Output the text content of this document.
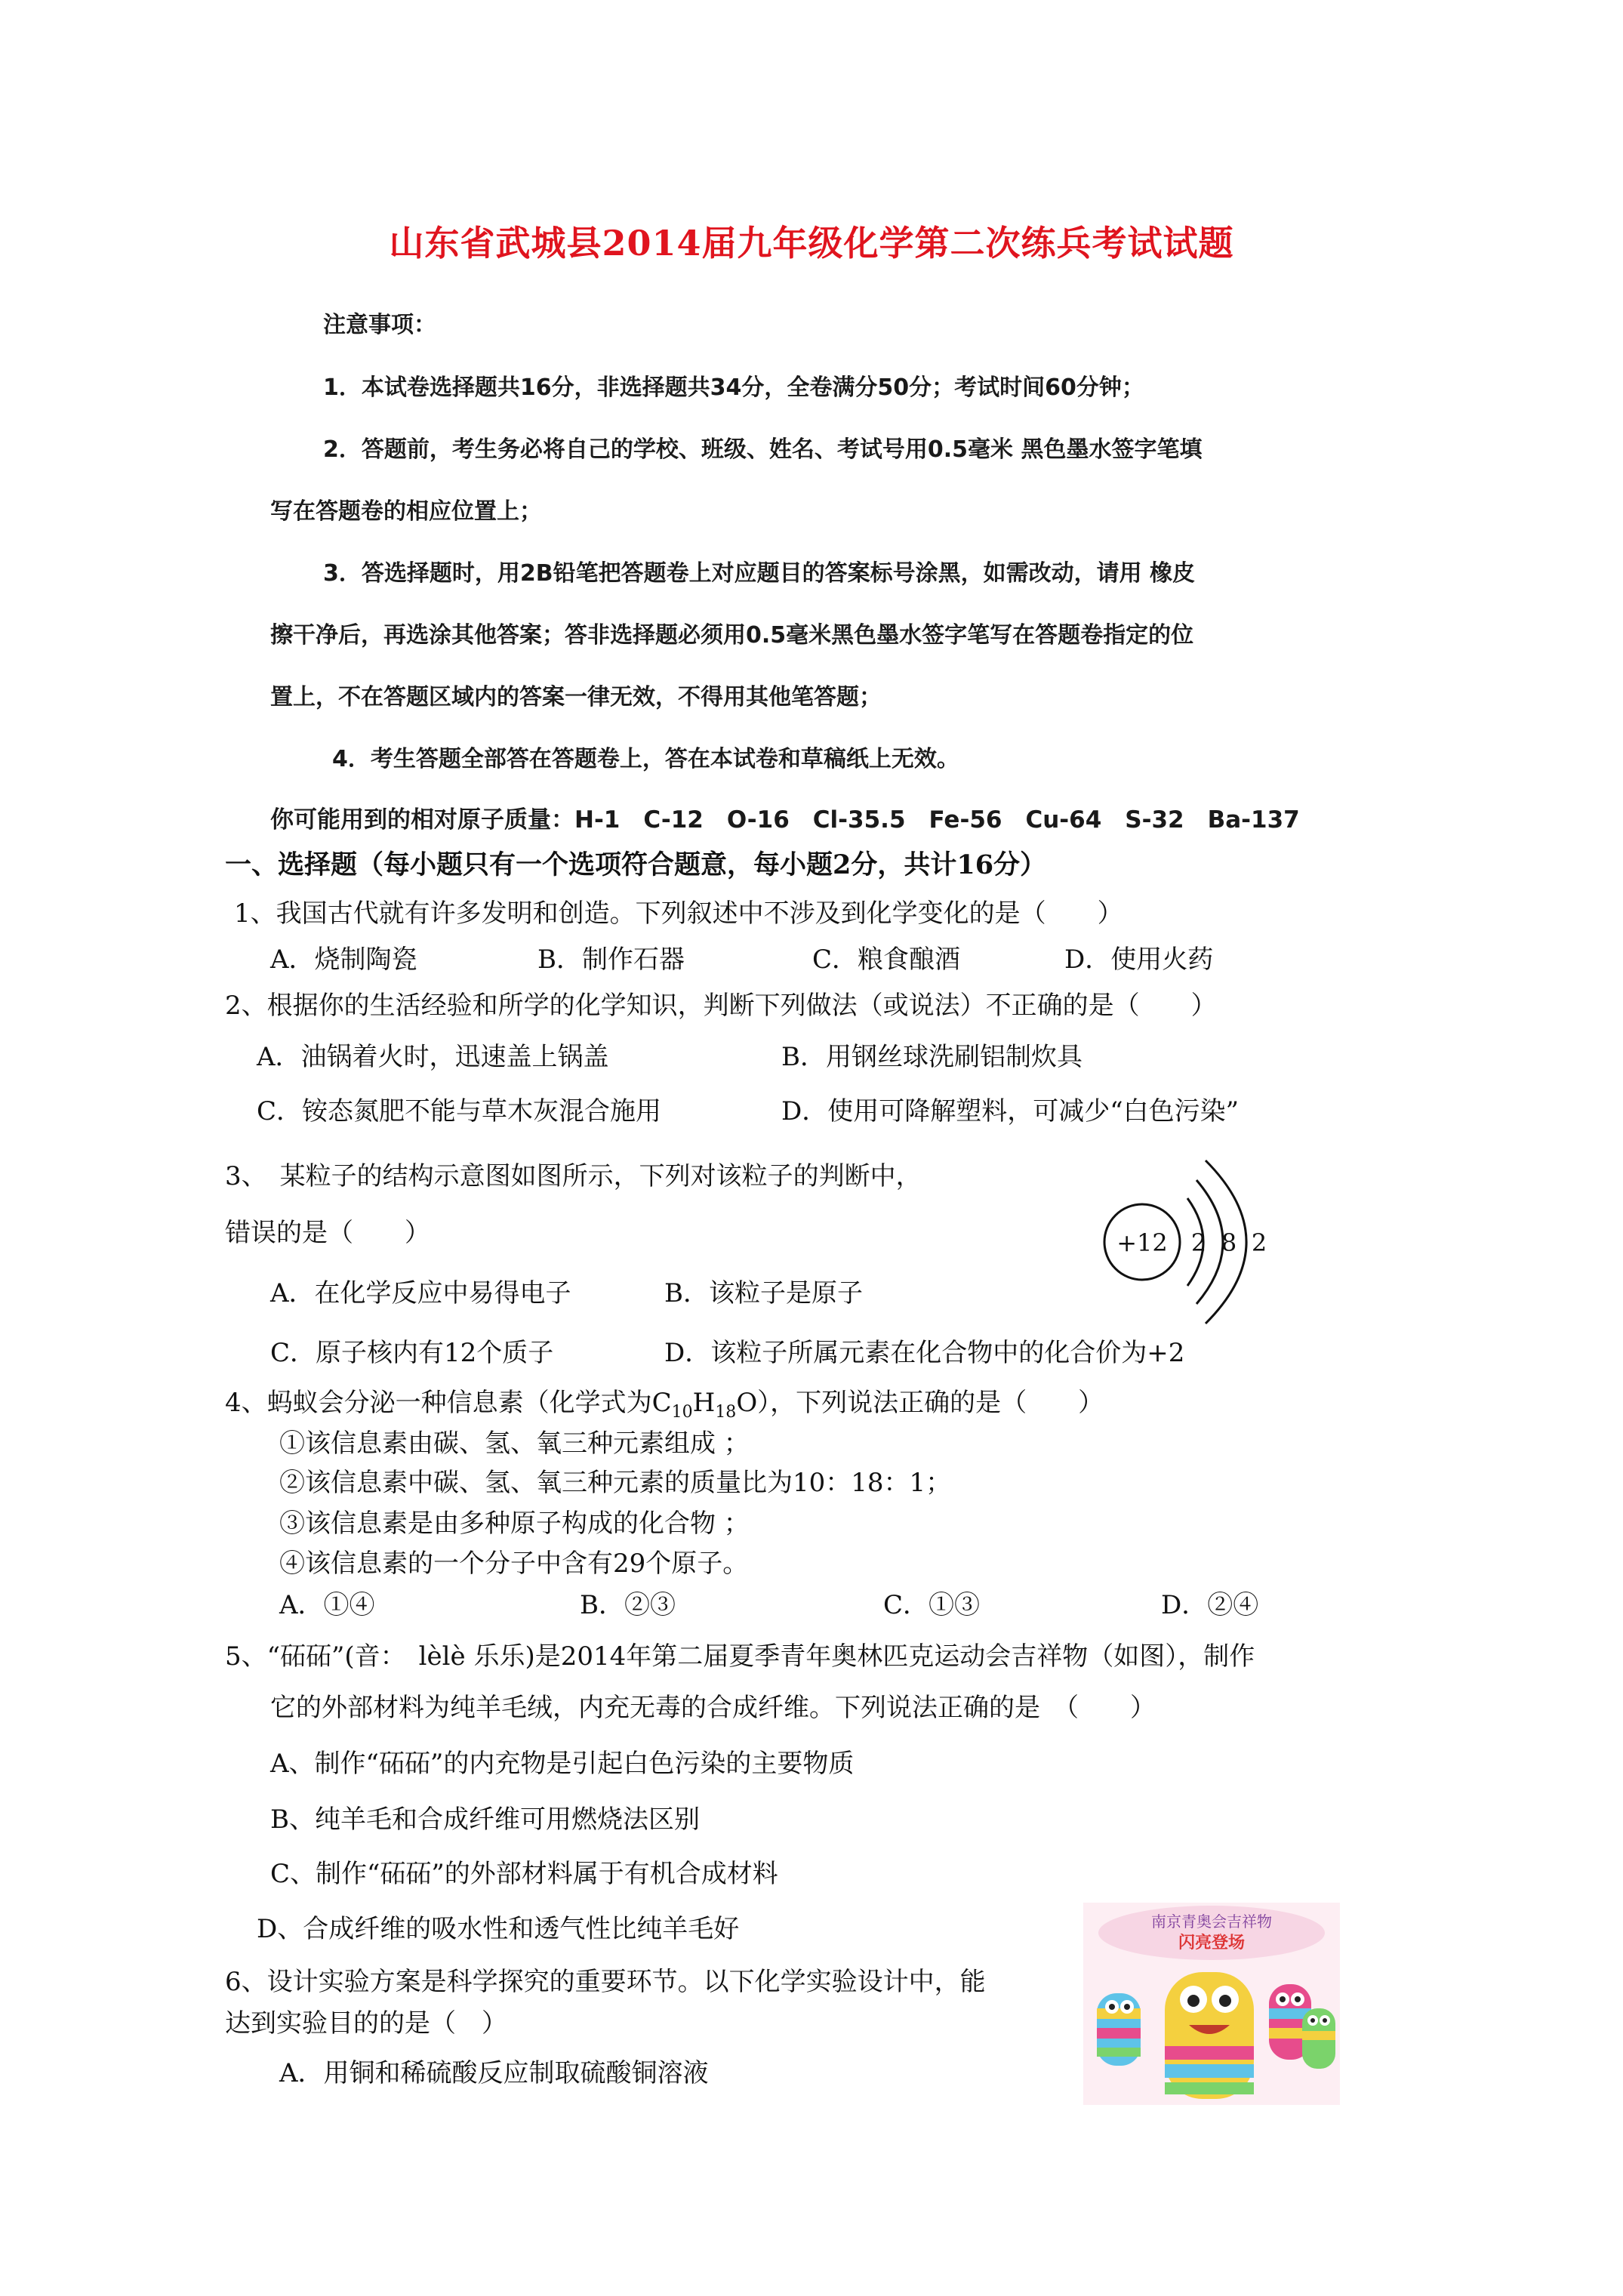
山东省武城县2014届九年级化学第二次练兵考试试题
注意事项：
1．本试卷选择题共16分，非选择题共34分，全卷满分50分；考试时间60分钟；
2．答题前，考生务必将自己的学校、班级、姓名、考试号用0.5毫米 黑色墨水签字笔填
写在答题卷的相应位置上；
3．答选择题时，用2B铅笔把答题卷上对应题目的答案标号涂黑，如需改动，请用 橡皮
擦干净后，再选涂其他答案；答非选择题必须用0.5毫米黑色墨水签字笔写在答题卷指定的位
置上，不在答题区域内的答案一律无效，不得用其他笔答题；
4．考生答题全部答在答题卷上，答在本试卷和草稿纸上无效。
你可能用到的相对原子质量：H-1　C-12　O-16　Cl-35.5　Fe-56　Cu-64　S-32　Ba-137
一、选择题（每小题只有一个选项符合题意，每小题2分，共计16分）
1、我国古代就有许多发明和创造。下列叙述中不涉及到化学变化的是（　　）
A．烧制陶瓷	B．制作石器	C．粮食酿酒	D．使用火药
2、根据你的生活经验和所学的化学知识，判断下列做法（或说法）不正确的是（　　）
A．油锅着火时，迅速盖上锅盖	B．用钢丝球洗刷铝制炊具
C．铵态氮肥不能与草木灰混合施用	D．使用可降解塑料，可减少“白色污染”
3、　某粒子的结构示意图如图所示，下列对该粒子的判断中，
错误的是（　　）
A．在化学反应中易得电子	B．该粒子是原子
C．原子核内有12个质子	D．该粒子所属元素在化合物中的化合价为+2
+12 2 8 2
4、蚂蚁会分泌一种信息素（化学式为$C_{10}H_{18}O$），下列说法正确的是（　　）
①该信息素由碳、氢、氧三种元素组成 ；
②该信息素中碳、氢、氧三种元素的质量比为10：18：1；
③该信息素是由多种原子构成的化合物 ；
④该信息素的一个分子中含有29个原子。
A．①④	B．②③	C．①③	D．②④
5、“砳砳”(音：　lèlè 乐乐)是2014年第二届夏季青年奥林匹克运动会吉祥物（如图），制作
它的外部材料为纯羊毛绒，内充无毒的合成纤维。下列说法正确的是　（　　）
A、制作“砳砳”的内充物是引起白色污染的主要物质
B、纯羊毛和合成纤维可用燃烧法区别
C、制作“砳砳”的外部材料属于有机合成材料
D、合成纤维的吸水性和透气性比纯羊毛好
6、设计实验方案是科学探究的重要环节。以下化学实验设计中，能
达到实验目的的是（　）
A．用铜和稀硫酸反应制取硫酸铜溶液
南京青奥会吉祥物
闪亮登场
